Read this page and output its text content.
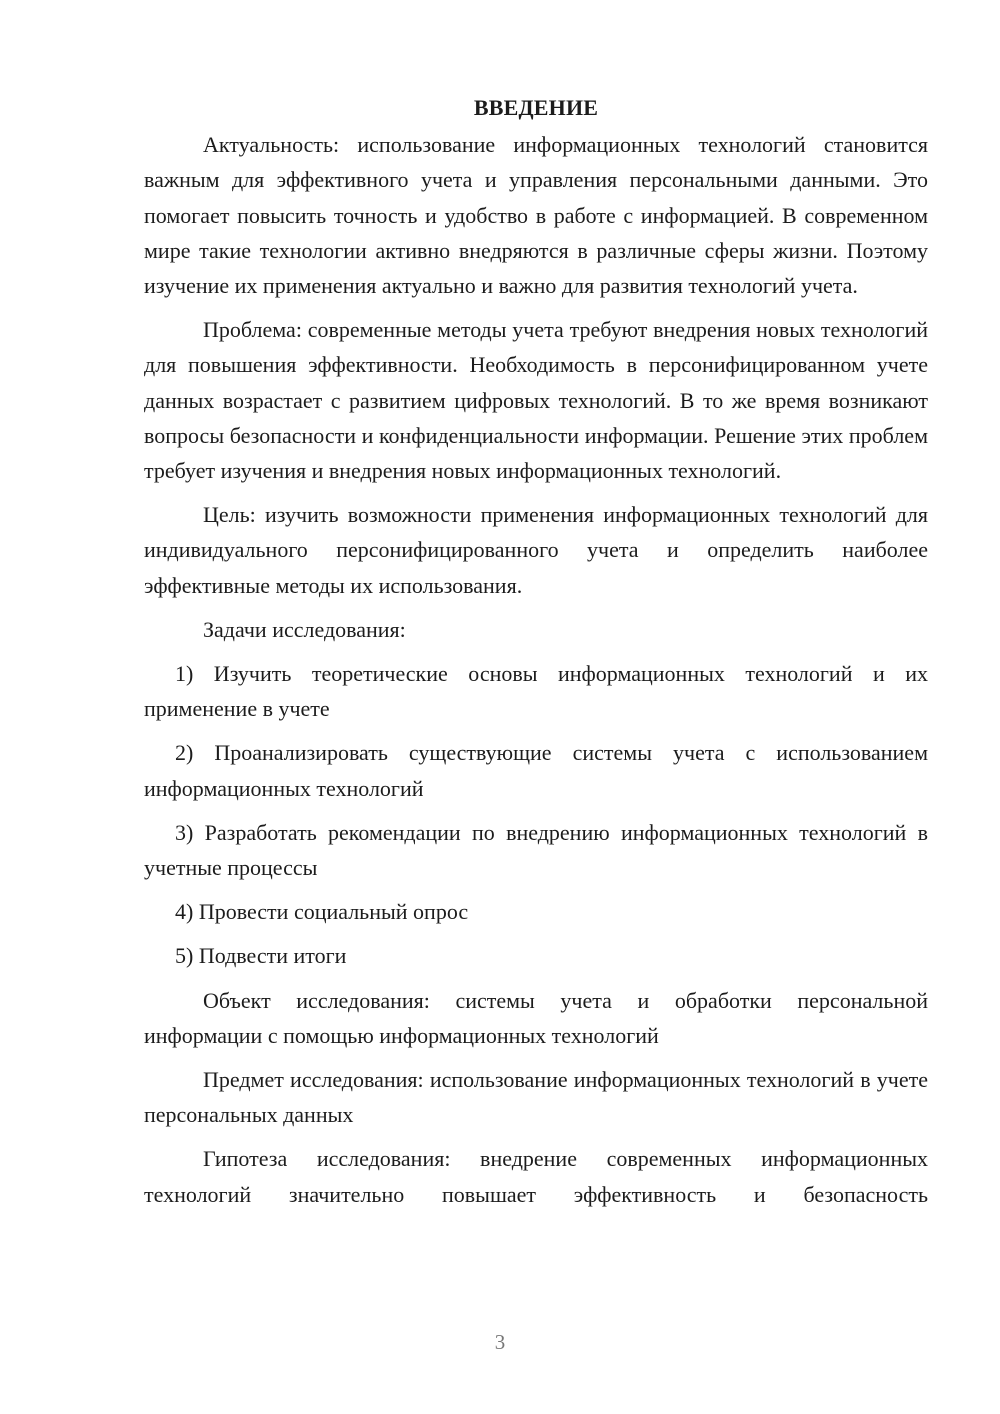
ВВЕДЕНИЕ

Актуальность: использование информационных технологий становится важным для эффективного учета и управления персональными данными. Это помогает повысить точность и удобство в работе с информацией. В современном мире такие технологии активно внедряются в различные сферы жизни. Поэтому изучение их применения актуально и важно для развития технологий учета.

Проблема: современные методы учета требуют внедрения новых технологий для повышения эффективности. Необходимость в персонифицированном учете данных возрастает с развитием цифровых технологий. В то же время возникают вопросы безопасности и конфиденциальности информации. Решение этих проблем требует изучения и внедрения новых информационных технологий.

Цель: изучить возможности применения информационных технологий для индивидуального персонифицированного учета и определить наиболее эффективные методы их использования.

Задачи исследования:

1) Изучить теоретические основы информационных технологий и их применение в учете

2) Проанализировать существующие системы учета с использованием информационных технологий

3) Разработать рекомендации по внедрению информационных технологий в учетные процессы

4) Провести социальный опрос

5) Подвести итоги

Объект исследования: системы учета и обработки персональной информации с помощью информационных технологий

Предмет исследования: использование информационных технологий в учете персональных данных

Гипотеза исследования: внедрение современных информационных технологий значительно повышает эффективность и безопасность

3
